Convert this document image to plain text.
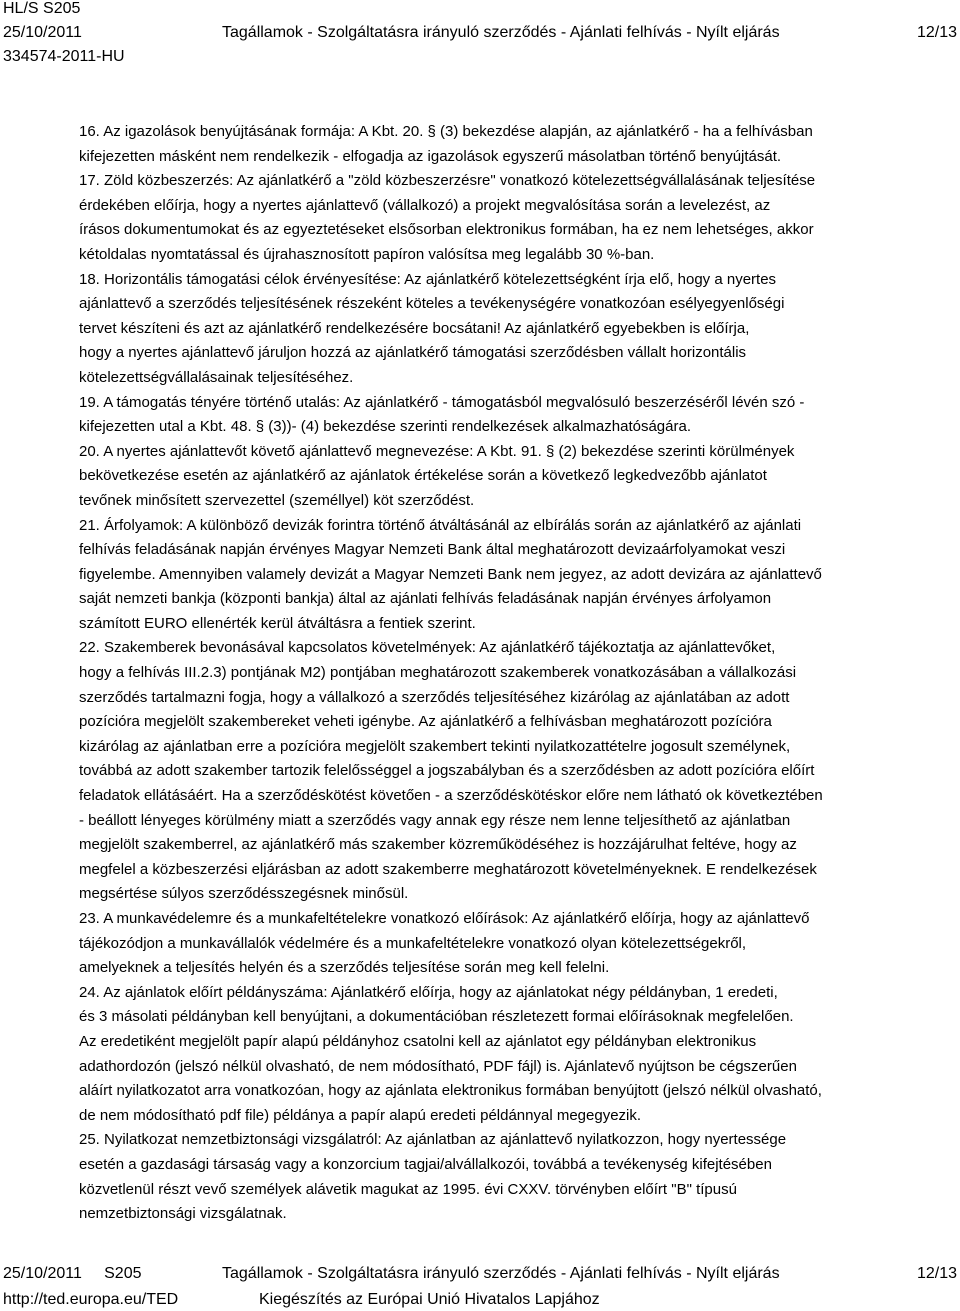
HL/S S205
25/10/2011	Tagállamok - Szolgáltatásra irányuló szerződés - Ajánlati felhívás - Nyílt eljárás	12/13
334574-2011-HU

16. Az igazolások benyújtásának formája: A Kbt. 20. § (3) bekezdése alapján, az ajánlatkérő - ha a felhívásban
kifejezetten másként nem rendelkezik - elfogadja az igazolások egyszerű másolatban történő benyújtását.

17. Zöld közbeszerzés: Az ajánlatkérő a "zöld közbeszerzésre" vonatkozó kötelezettségvállalásának teljesítése
érdekében előírja, hogy a nyertes ajánlattevő (vállalkozó) a projekt megvalósítása során a levelezést, az
írásos dokumentumokat és az egyeztetéseket elsősorban elektronikus formában, ha ez nem lehetséges, akkor
kétoldalas nyomtatással és újrahasznosított papíron valósítsa meg legalább 30 %-ban.

18. Horizontális támogatási célok érvényesítése: Az ajánlatkérő kötelezettségként írja elő, hogy a nyertes
ajánlattevő a szerződés teljesítésének részeként köteles a tevékenységére vonatkozóan esélyegyenlőségi
tervet készíteni és azt az ajánlatkérő rendelkezésére bocsátani! Az ajánlatkérő egyebekben is előírja,
hogy a nyertes ajánlattevő járuljon hozzá az ajánlatkérő támogatási szerződésben vállalt horizontális
kötelezettségvállalásainak teljesítéséhez.

19. A támogatás tényére történő utalás: Az ajánlatkérő - támogatásból megvalósuló beszerzéséről lévén szó -
kifejezetten utal a Kbt. 48. § (3))- (4) bekezdése szerinti rendelkezések alkalmazhatóságára.

20. A nyertes ajánlattevőt követő ajánlattevő megnevezése: A Kbt. 91. § (2) bekezdése szerinti körülmények
bekövetkezése esetén az ajánlatkérő az ajánlatok értékelése során a következő legkedvezőbb ajánlatot
tevőnek minősített szervezettel (személlyel) köt szerződést.

21. Árfolyamok: A különböző devizák forintra történő átváltásánál az elbírálás során az ajánlatkérő az ajánlati
felhívás feladásának napján érvényes Magyar Nemzeti Bank által meghatározott devizaárfolyamokat veszi
figyelembe. Amennyiben valamely devizát a Magyar Nemzeti Bank nem jegyez, az adott devizára az ajánlattevő
saját nemzeti bankja (központi bankja) által az ajánlati felhívás feladásának napján érvényes árfolyamon
számított EURO ellenérték kerül átváltásra a fentiek szerint.

22. Szakemberek bevonásával kapcsolatos követelmények: Az ajánlatkérő tájékoztatja az ajánlattevőket,
hogy a felhívás III.2.3) pontjának M2) pontjában meghatározott szakemberek vonatkozásában a vállalkozási
szerződés tartalmazni fogja, hogy a vállalkozó a szerződés teljesítéséhez kizárólag az ajánlatában az adott
pozícióra megjelölt szakembereket veheti igénybe. Az ajánlatkérő a felhívásban meghatározott pozícióra
kizárólag az ajánlatban erre a pozícióra megjelölt szakembert tekinti nyilatkozattételre jogosult személynek,
továbbá az adott szakember tartozik felelősséggel a jogszabályban és a szerződésben az adott pozícióra előírt
feladatok ellátásáért. Ha a szerződéskötést követően - a szerződéskötéskor előre nem látható ok következtében
- beállott lényeges körülmény miatt a szerződés vagy annak egy része nem lenne teljesíthető az ajánlatban
megjelölt szakemberrel, az ajánlatkérő más szakember közreműködéséhez is hozzájárulhat feltéve, hogy az
megfelel a közbeszerzési eljárásban az adott szakemberre meghatározott követelményeknek. E rendelkezések
megsértése súlyos szerződésszegésnek minősül.

23. A munkavédelemre és a munkafeltételekre vonatkozó előírások: Az ajánlatkérő előírja, hogy az ajánlattevő
tájékozódjon a munkavállalók védelmére és a munkafeltételekre vonatkozó olyan kötelezettségekről,
amelyeknek a teljesítés helyén és a szerződés teljesítése során meg kell felelni.

24. Az ajánlatok előírt példányszáma: Ajánlatkérő előírja, hogy az ajánlatokat négy példányban, 1 eredeti,
és 3 másolati példányban kell benyújtani, a dokumentációban részletezett formai előírásoknak megfelelően.
Az eredetiként megjelölt papír alapú példányhoz csatolni kell az ajánlatot egy példányban elektronikus
adathordozón (jelszó nélkül olvasható, de nem módosítható, PDF fájl) is. Ajánlatevő nyújtson be cégszerűen
aláírt nyilatkozatot arra vonatkozóan, hogy az ajánlata elektronikus formában benyújtott (jelszó nélkül olvasható,
de nem módosítható pdf file) példánya a papír alapú eredeti példánnyal megegyezik.

25. Nyilatkozat nemzetbiztonsági vizsgálatról: Az ajánlatban az ajánlattevő nyilatkozzon, hogy nyertessége
esetén a gazdasági társaság vagy a konzorcium tagjai/alvállalkozói, továbbá a tevékenység kifejtésében
közvetlenül részt vevő személyek alávetik magukat az 1995. évi CXXV. törvényben előírt "B" típusú
nemzetbiztonsági vizsgálatnak.

25/10/2011     S205	Tagállamok - Szolgáltatásra irányuló szerződés - Ajánlati felhívás - Nyílt eljárás	12/13
http://ted.europa.eu/TED	Kiegészítés az Európai Unió Hivatalos Lapjához
